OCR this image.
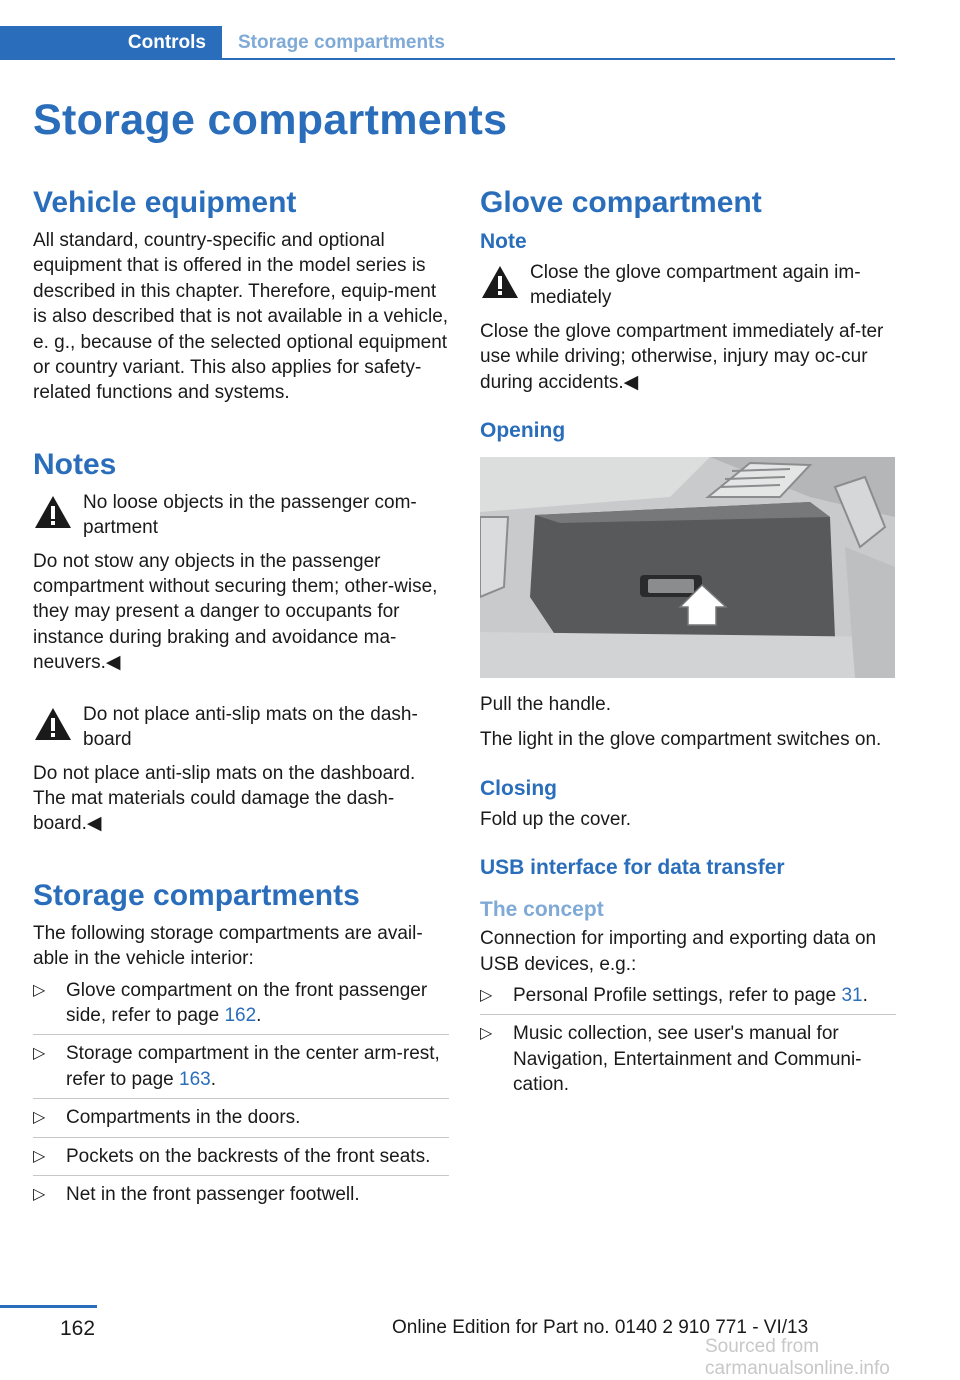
Controls	Storage compartments
Storage compartments
Vehicle equipment

All standard, country-specific and optional equipment that is offered in the model series is described in this chapter. Therefore, equip‐ment is also described that is not available in a vehicle, e. g., because of the selected optional equipment or country variant. This also applies for safety-related functions and systems.

Notes

No loose objects in the passenger com‐partment

Do not stow any objects in the passenger compartment without securing them; other‐wise, they may present a danger to occupants for instance during braking and avoidance ma‐neuvers.◀

Do not place anti-slip mats on the dash‐board

Do not place anti-slip mats on the dashboard. The mat materials could damage the dash‐board.◀

Storage compartments

The following storage compartments are avail‐able in the vehicle interior:

▷ Glove compartment on the front passenger side, refer to page 162.
▷ Storage compartment in the center arm‐rest, refer to page 163.
▷ Compartments in the doors.
▷ Pockets on the backrests of the front seats.
▷ Net in the front passenger footwell.
Glove compartment
Note

Close the glove compartment again im‐mediately

Close the glove compartment immediately af‐ter use while driving; otherwise, injury may oc‐cur during accidents.◀

Opening

Pull the handle.

The light in the glove compartment switches on.

Closing

Fold up the cover.

USB interface for data transfer
The concept

Connection for importing and exporting data on USB devices, e.g.:

▷ Personal Profile settings, refer to page 31.
▷ Music collection, see user's manual for Navigation, Entertainment and Communi‐cation.
162	Online Edition for Part no. 0140 2 910 771 - VI/13
Sourced from carmanualsonline.info
